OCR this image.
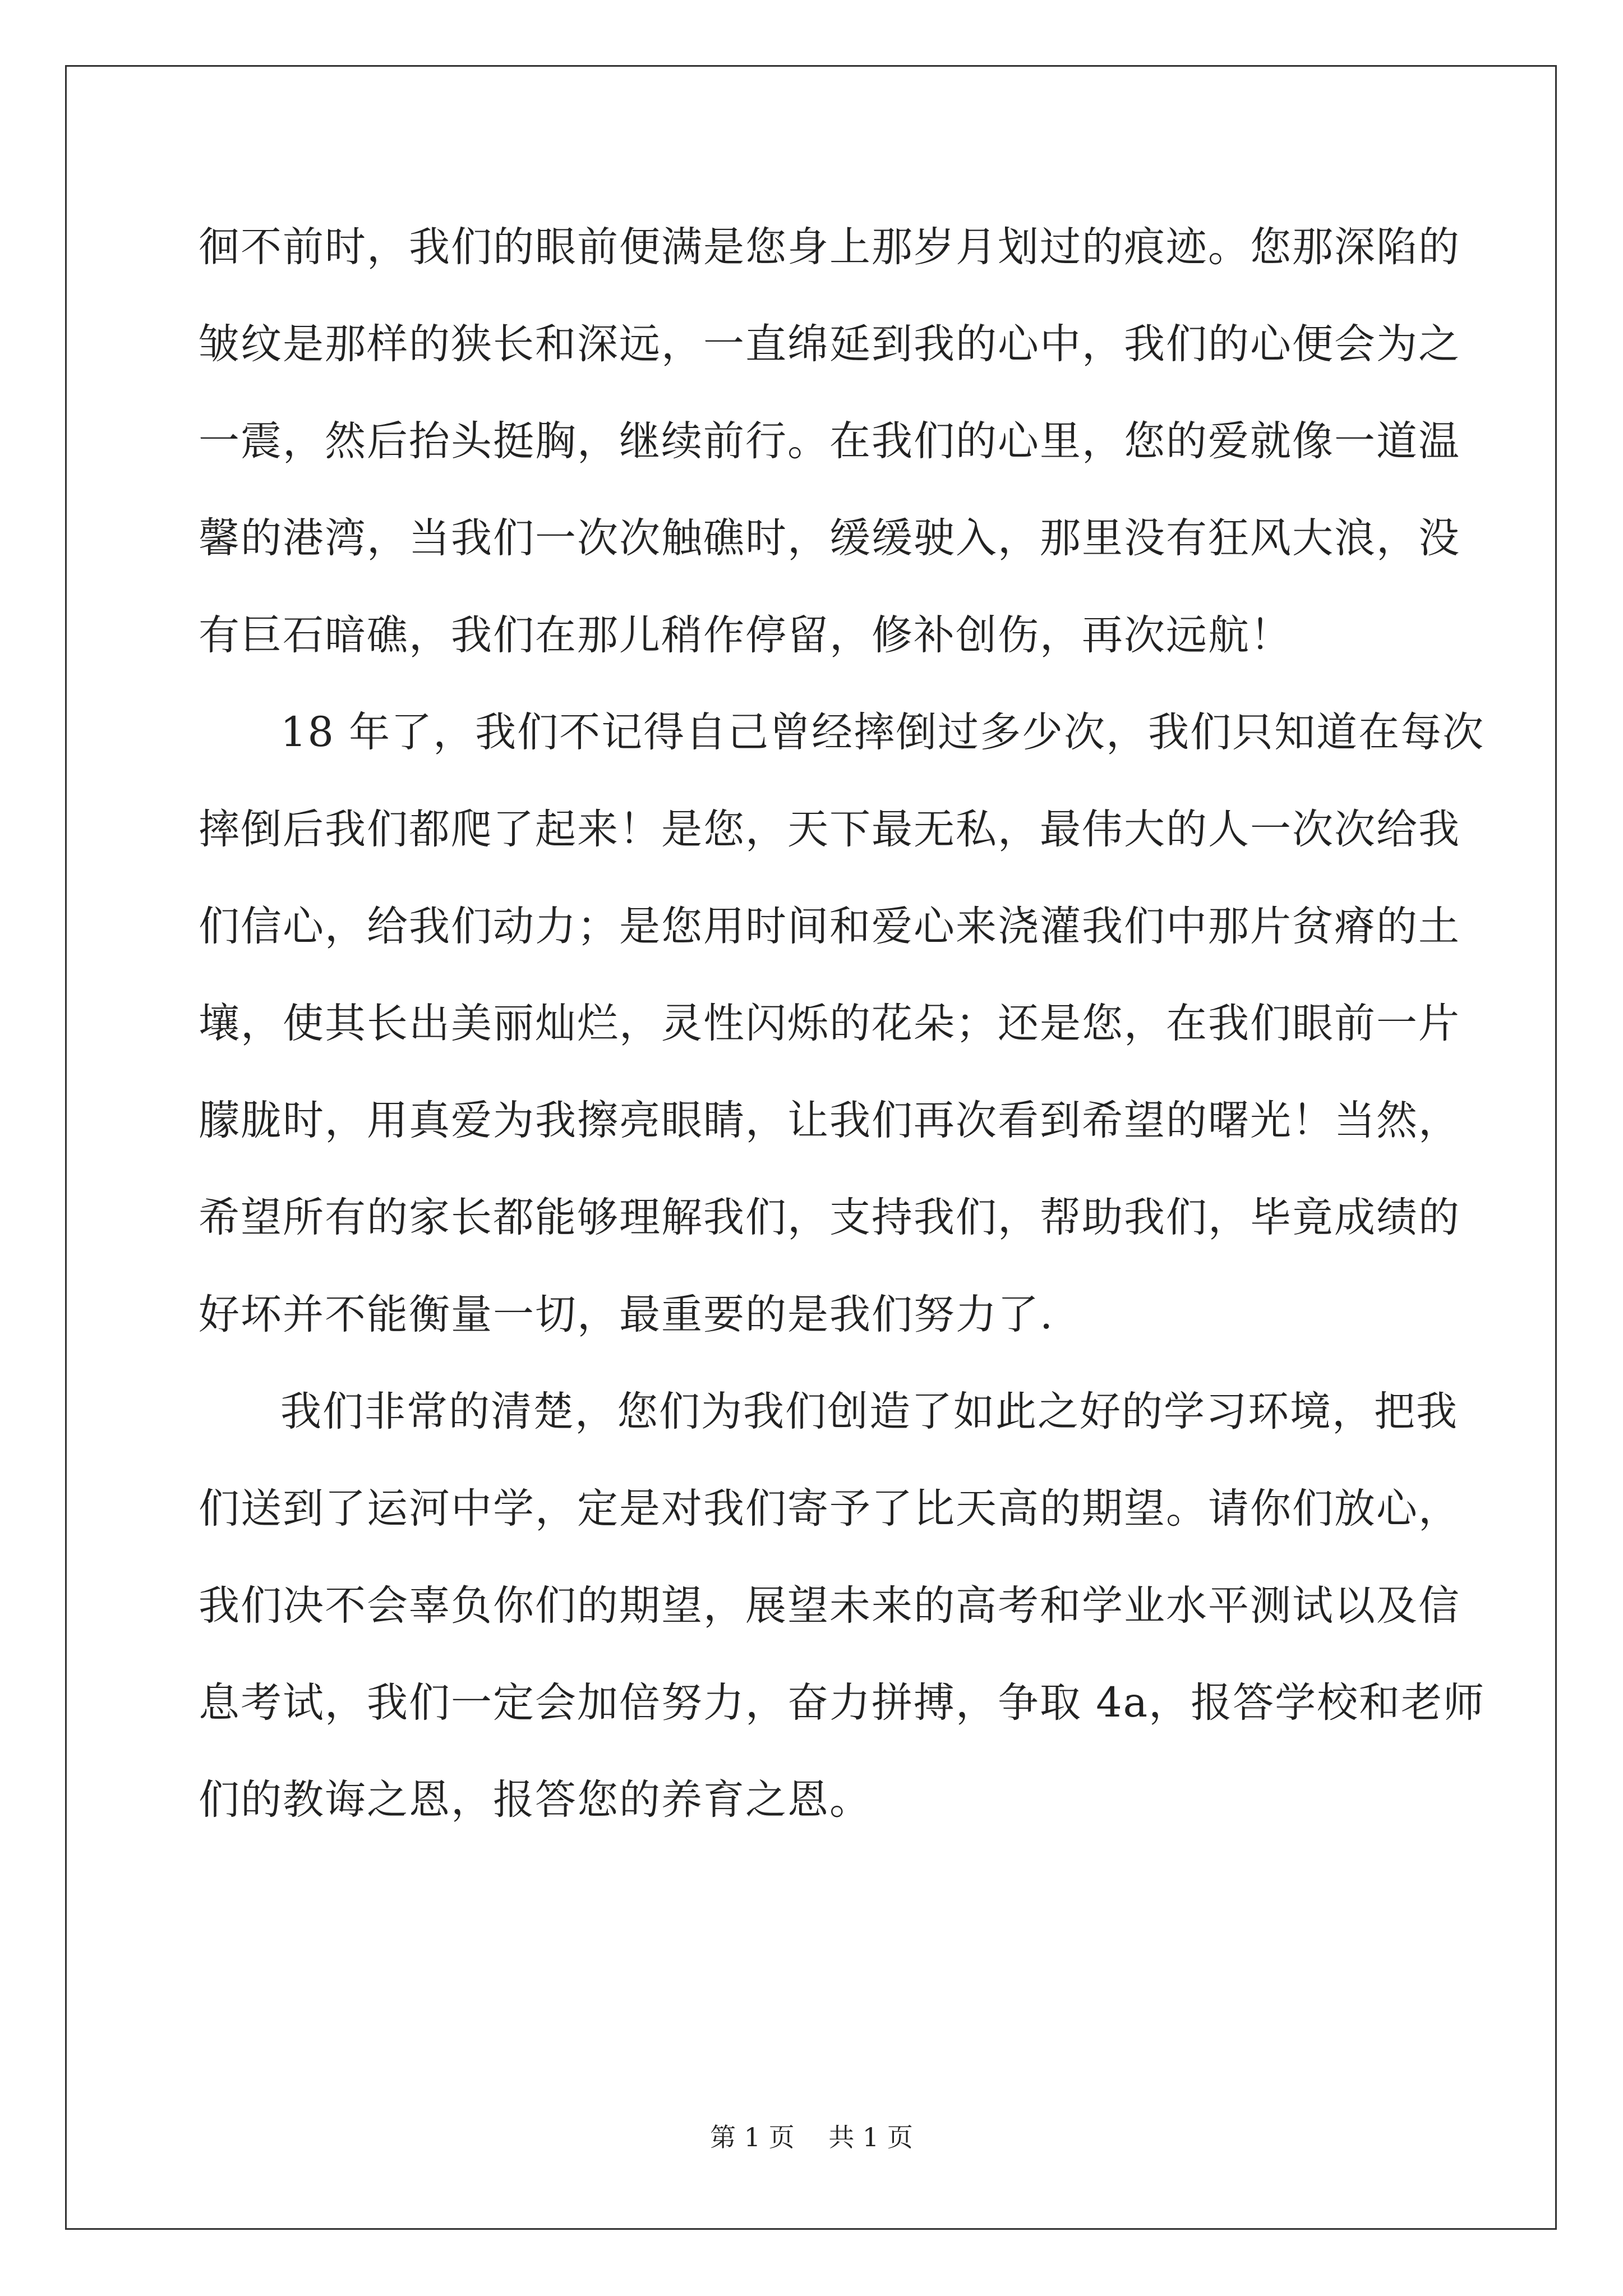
徊不前时，我们的眼前便满是您身上那岁月划过的痕迹。您那深陷的
皱纹是那样的狭长和深远，一直绵延到我的心中，我们的心便会为之
一震，然后抬头挺胸，继续前行。在我们的心里，您的爱就像一道温
馨的港湾，当我们一次次触礁时，缓缓驶入，那里没有狂风大浪，没
有巨石暗礁，我们在那儿稍作停留，修补创伤，再次远航！
18 年了，我们不记得自己曾经摔倒过多少次，我们只知道在每次
摔倒后我们都爬了起来！是您，天下最无私，最伟大的人一次次给我
们信心，给我们动力；是您用时间和爱心来浇灌我们中那片贫瘠的土
壤，使其长出美丽灿烂，灵性闪烁的花朵；还是您，在我们眼前一片
朦胧时，用真爱为我擦亮眼睛，让我们再次看到希望的曙光！当然，
希望所有的家长都能够理解我们，支持我们，帮助我们，毕竟成绩的
好坏并不能衡量一切，最重要的是我们努力了.
我们非常的清楚，您们为我们创造了如此之好的学习环境，把我
们送到了运河中学，定是对我们寄予了比天高的期望。请你们放心，
我们决不会辜负你们的期望，展望未来的高考和学业水平测试以及信
息考试，我们一定会加倍努力，奋力拼搏，争取 4a，报答学校和老师
们的教诲之恩，报答您的养育之恩。
第 1 页 共 1 页
